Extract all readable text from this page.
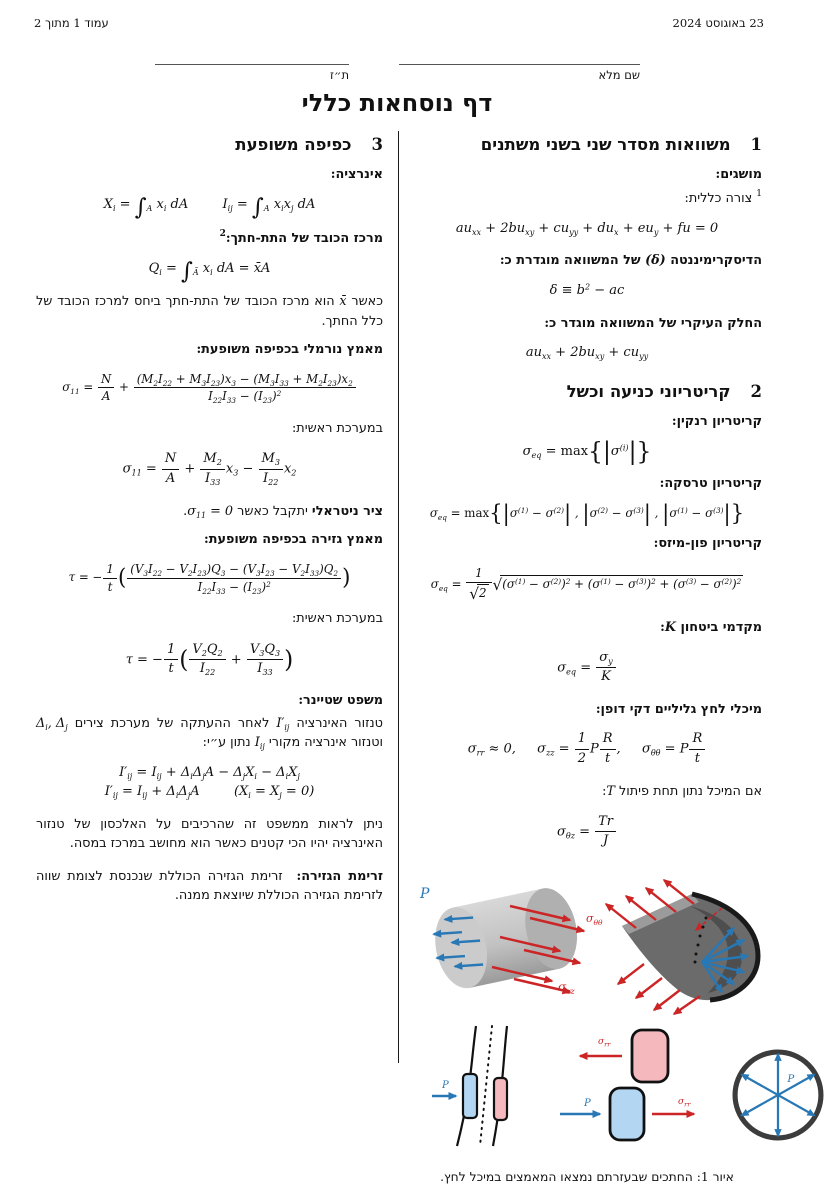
23 באוגוסט 2024
עמוד 1 מתוך 2
שם מלא
ת״ז
דף נוסחאות כללי
1משוואות מסדר שני בשני משתנים
מושגים:
$^1$ צורה כללית:
$au_{xx} + 2bu_{xy} + cu_{yy} + du_x + eu_y$ + fu = 0
הדיסקרימיננטה (δ) של המשוואה מוגדרת כ:
$\delta \equiv b^2$ − ac
החלק העיקרי של המשוואה מוגדר כ:
$au_{xx} + 2bu_{xy} + cu_{yy}$
2קריטריוני כניעה וכשל
קריטריון רנקין:
$\sigma_{eq} = \max\{|\sigma^{(i)}|\}$
קריטריון טרסקה:
$\sigma_{eq} = \max\{|\sigma^{(1)} - \sigma^{(2)}|$ , $|\sigma^{(2)} - \sigma^{(3)}|$ , $|\sigma^{(1)} - \sigma^{(3)}|$}
קריטריון פון-מיזס:
$\sigma_{eq} = \frac{1}{√2} √(\sigma^{(1)} - \sigma^{(2)})^2 + (\sigma^{(1)} - \sigma^{(3)})^2 + (\sigma^{(3)} - \sigma^{(2)})^2$
מקדמי ביטחון K:
$\sigma_{eq} = \frac{\sigma_y}{K}$
מיכלי לחץ גליליים דקי דופן:
$\sigma_{rr} \approx 0$,   $\sigma_{zz} = \frac{1}{2}$ P $\frac{R}{t}$ ,   $\sigma_{\theta\theta} = P \frac{R}{t}$
אם המיכל נתון תחת פיתול T:
$\sigma_{\theta z} = \frac{Tr}{J}$
P
$\sigma_{zz}$
$\sigma_{\theta\theta}$
P
$\sigma_{rr}$
P	$\sigma_{rr}$
P
איור 1: החתכים שבעזרתם נמצאו המאמצים במיכל לחץ.
3כפיפה משופעת
אינרציה:
$X_i = \int_A$ $x_i$ dA    $I_{ij} = \int_A$ $x_ix_j$ dA
מרכז הכובד של התת-חתך:$^2$
$Q_i = \int_Ã$ $x_i$ dA = x̄A
כאשר x̄ הוא מרכז הכובד של התת-חתך ביחס למרכז הכובד של כלל החתך.
מאמץ נורמלי בכפיפה משופעת:
$\sigma_{11} = \frac{N}{A} + \frac{(M_2I_{22} + M_3I_{23})x_3 - (M_3I_{33} + M_2I_{23})x_2}{I_{22}I_{33} - (I_{23})^2}$
במערכת ראשית:
$\sigma_{11} = \frac{N}{A} + \frac{M_2}{I_{33}} x_3 - \frac{M_3}{I_{22}} x_2$
ציר ניטראלי יתקבל כאשר $\sigma_{11} = 0$.
מאמץ גזירה בכפיפה משופעת:
τ = − $\frac{1}{t}$ ( $\frac{(V_3I_{22} - V_2I_{23})Q_3 - (V_3I_{23} - V_2I_{33})Q_2}{I_{22}I_{33} - (I_{23})^2}$ )
במערכת ראשית:
τ = − $\frac{1}{t}$ ( $\frac{V_2Q_2}{I_{22}} + \frac{V_3Q_3}{I_{33}}$ )
משפט שטיינר:
טנזור האינרציה $I'_{ij}$ לאחר ההעתקה של מערכת צירים $\Delta_i$, $\Delta_j$ וטנזור אינרציה מקורי $I_{ij}$ נתון ע״י:
$I'_{ij} = I_{ij} + \Delta_i\Delta_jA - \Delta_jX_i - \Delta_iX_j$
$I'_{ij} = I_{ij} + \Delta_i\Delta_jA$    $(X_i = X_j = 0)$
ניתן לראות ממשפט זה שהרכיבים על האלכסון של טנזור האינרציה יהיו הכי קטנים כאשר הוא מחושב במרכז במסה.
זרימת הגזירה:  זרימת הגזירה הכוללת שנכנסת לצומת שווה לזרימת הגזירה הכוללת שיוצאת ממנה.
